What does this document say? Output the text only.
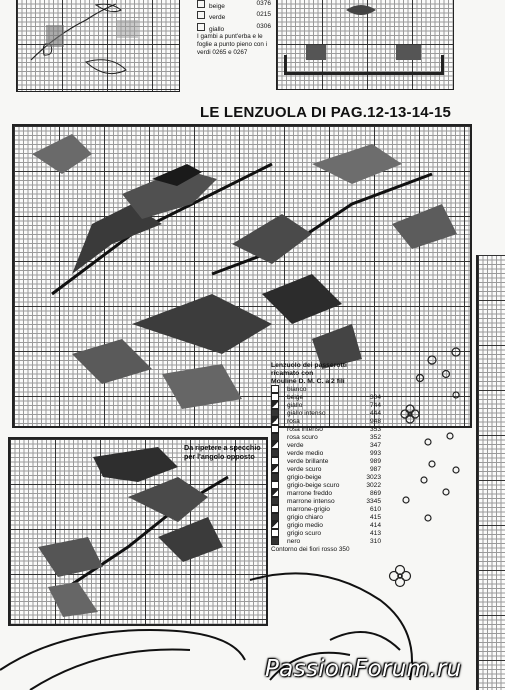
beige	0376
verde	0215
giallo	0306
I gambi a punt'erba e le foglie a punto pieno con i verdi 0265 e 0267
LE LENZUOLA DI PAG.12-13-14-15
Da ripetere a specchio
per l'angolo opposto
Lenzuolo dei passerotti
ricamato con
Mouliné D. M. C. a 2 fili
bianco
beige	304
giallo	744
giallo intenso	444
rosa	948
rosa intenso	353
rosa scuro	352
verde	347
verde medio	993
verde brillante	989
verde scuro	987
grigio-beige	3023
grigio-beige scuro	3022
marrone freddo	869
marrone intenso	3345
marrone-grigio	610
grigio chiaro	415
grigio medio	414
grigio scuro	413
nero	310
Contorno dei fiori rosso 350
PassionForum.ru
